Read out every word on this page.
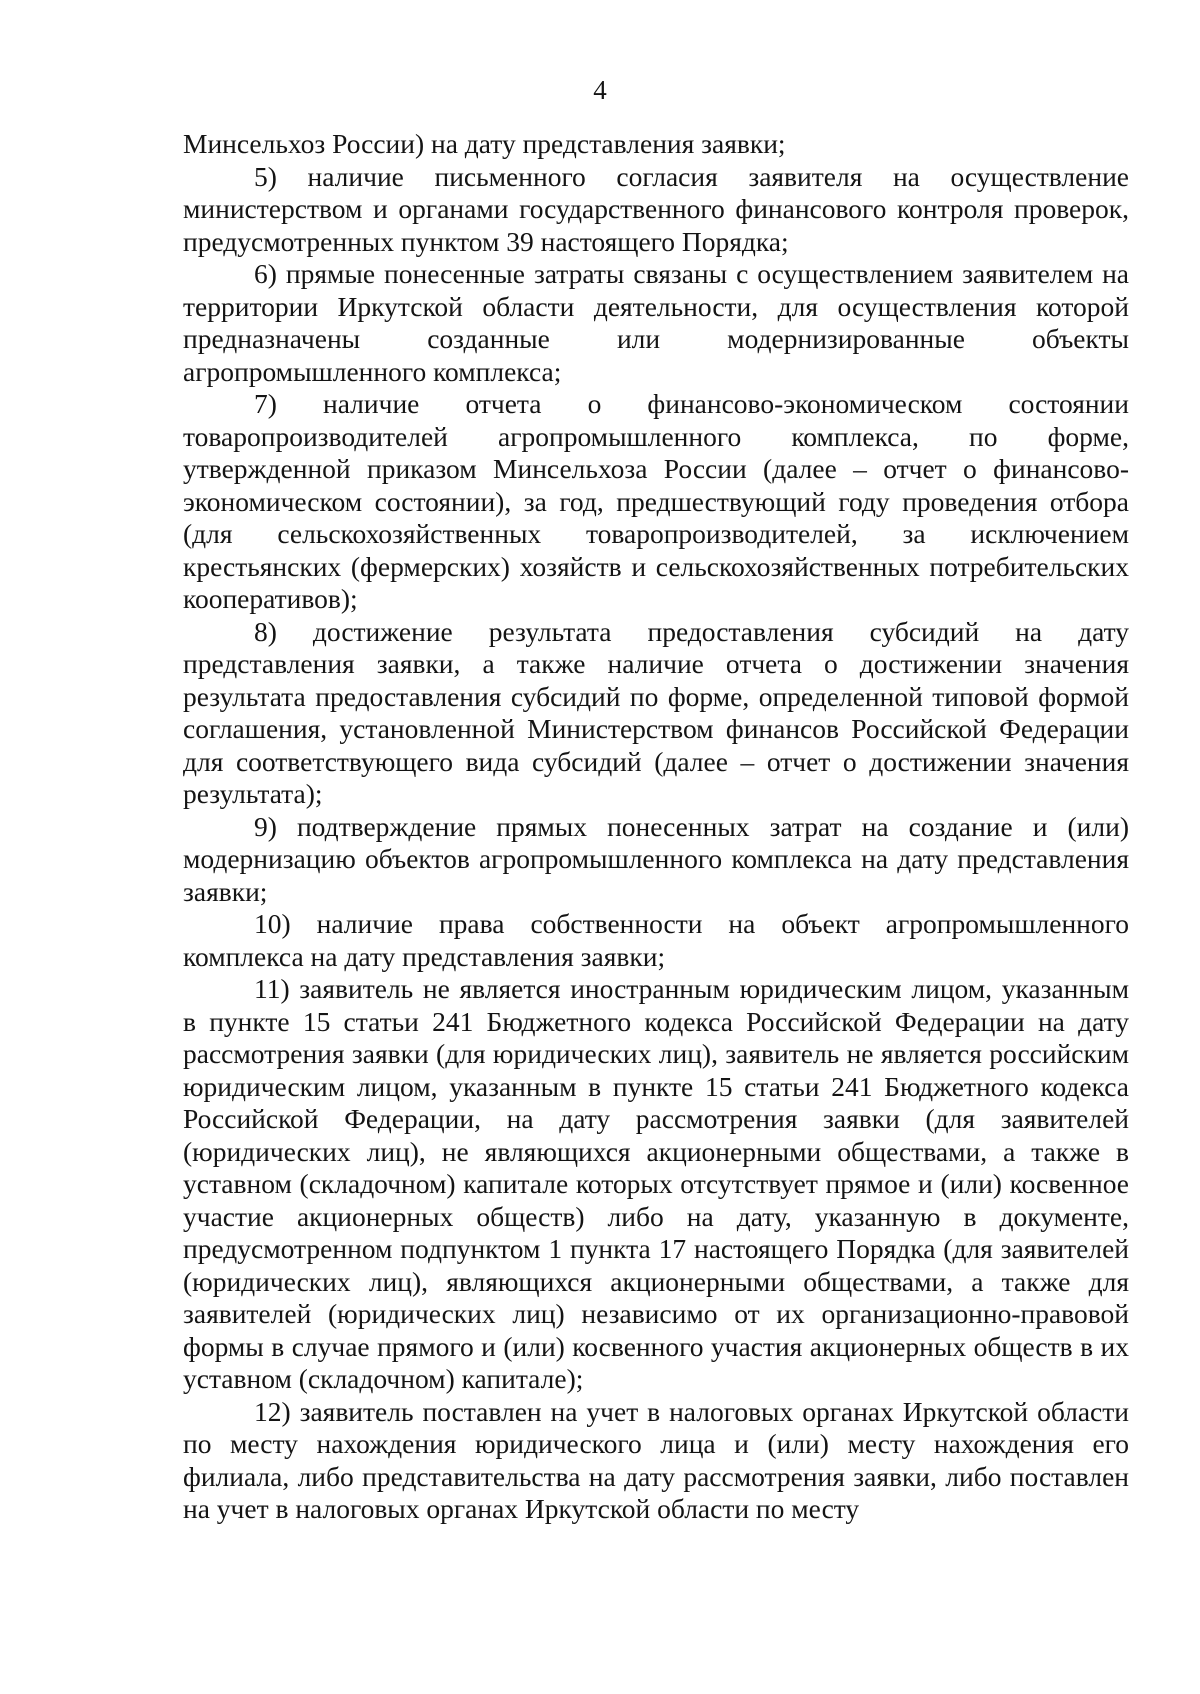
4

Минсельхоз России) на дату представления заявки;

5) наличие письменного согласия заявителя на осуществление министерством и органами государственного финансового контроля проверок, предусмотренных пунктом 39 настоящего Порядка;

6) прямые понесенные затраты связаны с осуществлением заявителем на территории Иркутской области деятельности, для осуществления которой предназначены созданные или модернизированные объекты агропромышленного комплекса;

7) наличие отчета о финансово-экономическом состоянии товаропроизводителей агропромышленного комплекса, по форме, утвержденной приказом Минсельхоза России (далее – отчет о финансово-экономическом состоянии), за год, предшествующий году проведения отбора (для сельскохозяйственных товаропроизводителей, за исключением крестьянских (фермерских) хозяйств и сельскохозяйственных потребительских кооперативов);

8) достижение результата предоставления субсидий на дату представления заявки, а также наличие отчета о достижении значения результата предоставления субсидий по форме, определенной типовой формой соглашения, установленной Министерством финансов Российской Федерации для соответствующего вида субсидий (далее – отчет о достижении значения результата);

9) подтверждение прямых понесенных затрат на создание и (или) модернизацию объектов агропромышленного комплекса на дату представления заявки;

10) наличие права собственности на объект агропромышленного комплекса на дату представления заявки;

11) заявитель не является иностранным юридическим лицом, указанным в пункте 15 статьи 241 Бюджетного кодекса Российской Федерации на дату рассмотрения заявки (для юридических лиц), заявитель не является российским юридическим лицом, указанным в пункте 15 статьи 241 Бюджетного кодекса Российской Федерации, на дату рассмотрения заявки (для заявителей (юридических лиц), не являющихся акционерными обществами, а также в уставном (складочном) капитале которых отсутствует прямое и (или) косвенное участие акционерных обществ) либо на дату, указанную в документе, предусмотренном подпунктом 1 пункта 17 настоящего Порядка (для заявителей (юридических лиц), являющихся акционерными обществами, а также для заявителей (юридических лиц) независимо от их организационно-правовой формы в случае прямого и (или) косвенного участия акционерных обществ в их уставном (складочном) капитале);

12) заявитель поставлен на учет в налоговых органах Иркутской области по месту нахождения юридического лица и (или) месту нахождения его филиала, либо представительства на дату рассмотрения заявки, либо поставлен на учет в налоговых органах Иркутской области по месту
